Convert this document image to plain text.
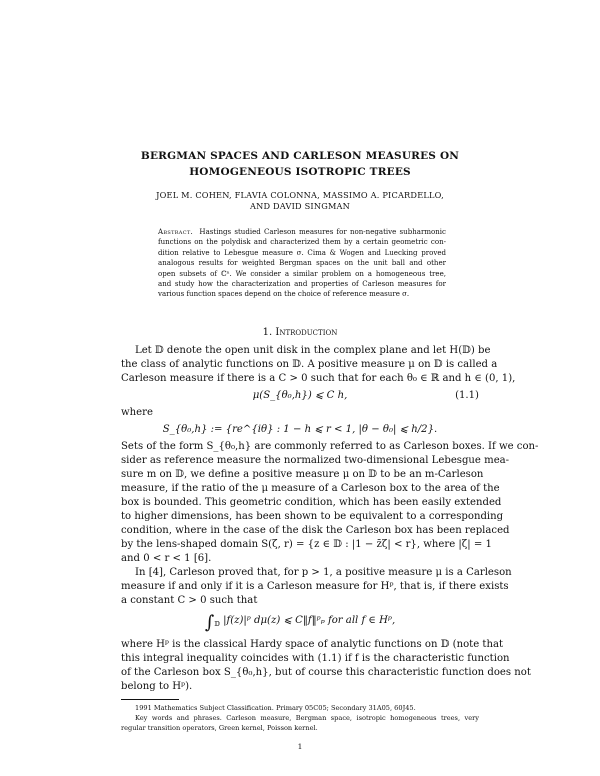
BERGMAN SPACES AND CARLESON MEASURES ON
HOMOGENEOUS ISOTROPIC TREES
JOEL M. COHEN, FLAVIA COLONNA, MASSIMO A. PICARDELLO,
AND DAVID SINGMAN
Abstract. Hastings studied Carleson measures for non-negative subharmonic
functions on the polydisk and characterized them by a certain geometric con-
dition relative to Lebesgue measure σ. Cima & Wogen and Luecking proved
analogous results for weighted Bergman spaces on the unit ball and other
open subsets of ℂⁿ. We consider a similar problem on a homogeneous tree,
and study how the characterization and properties of Carleson measures for
various function spaces depend on the choice of reference measure σ.
1. Introduction
Let 𝔻 denote the open unit disk in the complex plane and let H(𝔻) be
the class of analytic functions on 𝔻. A positive measure μ on 𝔻 is called a
Carleson measure if there is a C > 0 such that for each θ₀ ∈ ℝ and h ∈ (0, 1),
μ(S_{θ₀,h}) ⩽ C h,	(1.1)
where
S_{θ₀,h} := {re^{iθ} : 1 − h ⩽ r < 1, |θ − θ₀| ⩽ h/2}.
Sets of the form S_{θ₀,h} are commonly referred to as Carleson boxes. If we con-
sider as reference measure the normalized two-dimensional Lebesgue mea-
sure m on 𝔻, we define a positive measure μ on 𝔻 to be an m-Carleson
measure, if the ratio of the μ measure of a Carleson box to the area of the
box is bounded. This geometric condition, which has been easily extended
to higher dimensions, has been shown to be equivalent to a corresponding
condition, where in the case of the disk the Carleson box has been replaced
by the lens-shaped domain S(ζ, r) = {z ∈ 𝔻 : |1 − z̄ζ| < r}, where |ζ| = 1
and 0 < r < 1 [6].
In [4], Carleson proved that, for p > 1, a positive measure μ is a Carleson
measure if and only if it is a Carleson measure for Hᵖ, that is, if there exists
a constant C > 0 such that
$\int_𝔻$ |f(z)|ᵖ dμ(z) ⩽ C‖f‖ᵖₚ for all f ∈ Hᵖ,
where Hᵖ is the classical Hardy space of analytic functions on 𝔻 (note that
this integral inequality coincides with (1.1) if f is the characteristic function
of the Carleson box S_{θ₀,h}, but of course this characteristic function does not
belong to Hᵖ).
1991 Mathematics Subject Classification. Primary 05C05; Secondary 31A05, 60J45.
Key words and phrases. Carleson measure, Bergman space, isotropic homogeneous trees, very
regular transition operators, Green kernel, Poisson kernel.
1
